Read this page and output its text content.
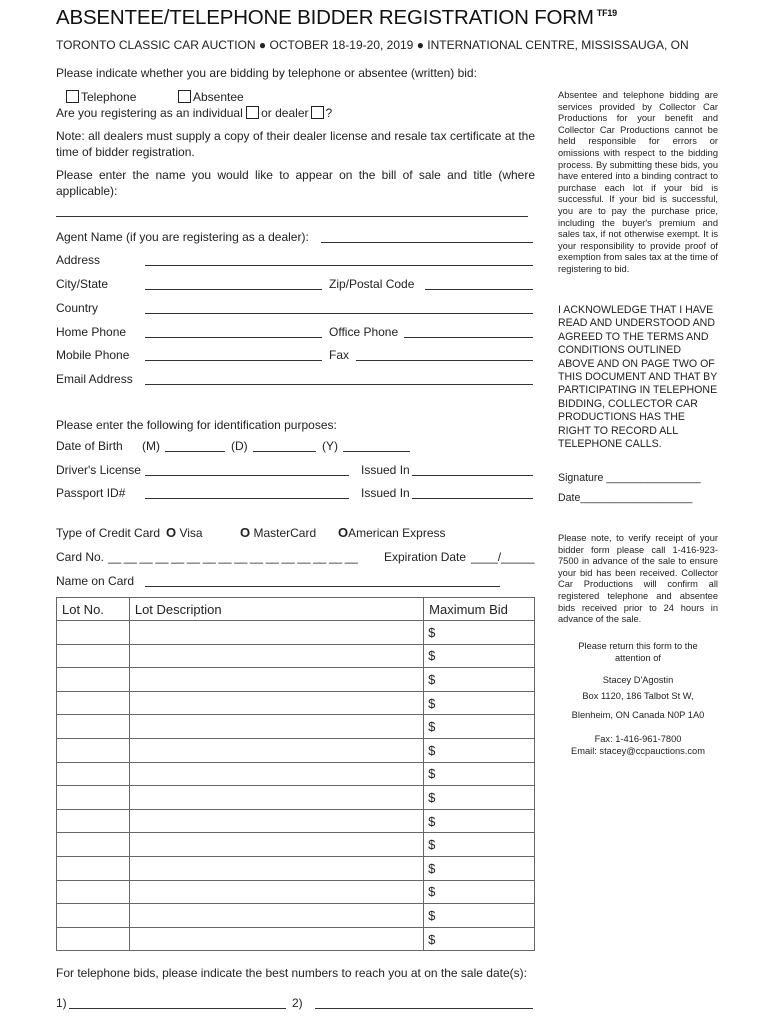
ABSENTEE/TELEPHONE BIDDER REGISTRATION FORM $^{TF19}$
TORONTO CLASSIC CAR AUCTION ● OCTOBER 18-19-20, 2019 ● INTERNATIONAL CENTRE, MISSISSAUGA, ON
Please indicate whether you are bidding by telephone or absentee (written) bid:
Telephone	Absentee
Are you registering as an individual or dealer ?
Note: all dealers must supply a copy of their dealer license and resale tax certificate at the time of bidder registration.
Please enter the name you would like to appear on the bill of sale and title (where applicable):
Agent Name (if you are registering as a dealer):
Address
City/State	Zip/Postal Code
Country
Home Phone	Office Phone
Mobile Phone	Fax
Email Address
Please enter the following for identification purposes:
Date of Birth (M)	(D)	(Y)
Driver's License	Issued In
Passport ID#	Issued In
Type of Credit Card O Visa	O MasterCard OAmerican Express
Card No. __ __ __ __ __ __ __ __ __ __ __ __ __ __ __ __ Expiration Date ____/_____
Name on Card
Lot No.	Lot Description	Maximum Bid
		$
		$
		$
		$
		$
		$
		$
		$
		$
		$
		$
		$
		$
		$
For telephone bids, please indicate the best numbers to reach you at on the sale date(s):
1)	2)
Absentee and telephone bidding are services provided by Collector Car Productions for your benefit and Collector Car Productions cannot be held responsible for errors or omissions with respect to the bidding process. By submitting these bids, you have entered into a binding contract to purchase each lot if your bid is successful. If your bid is successful, you are to pay the purchase price, including the buyer's premium and sales tax, if not otherwise exempt. It is your responsibility to provide proof of exemption from sales tax at the time of registering to bid.
I ACKNOWLEDGE THAT I HAVE READ AND UNDERSTOOD AND AGREED TO THE TERMS AND CONDITIONS OUTLINED ABOVE AND ON PAGE TWO OF THIS DOCUMENT AND THAT BY PARTICIPATING IN TELEPHONE BIDDING, COLLECTOR CAR PRODUCTIONS HAS THE RIGHT TO RECORD ALL TELEPHONE CALLS.
Signature ________________
Date___________________
Please note, to verify receipt of your bidder form please call 1-416-923-7500 in advance of the sale to ensure your bid has been received. Collector Car Productions will confirm all registered telephone and absentee bids received prior to 24 hours in advance of the sale.
Please return this form to the attention of
Stacey D'Agostin
Box 1120, 186 Talbot St W,
Blenheim, ON Canada N0P 1A0
Fax: 1-416-961-7800
Email: stacey@ccpauctions.com
